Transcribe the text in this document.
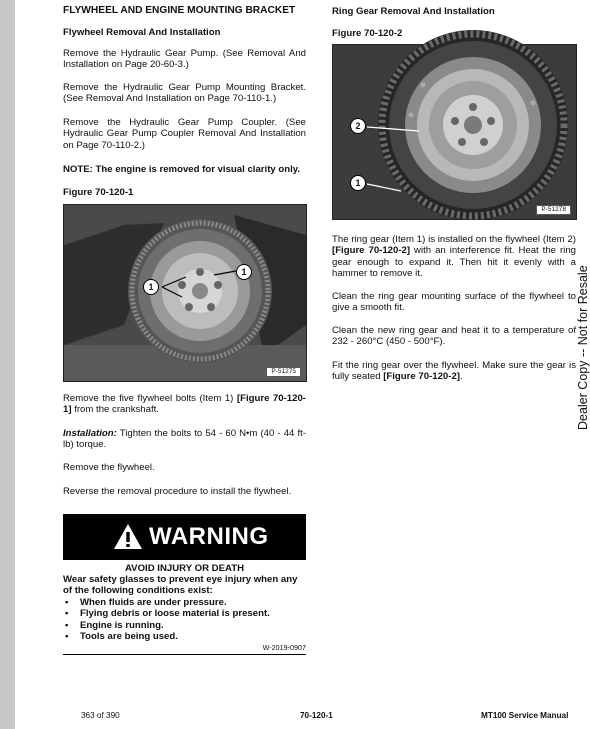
FLYWHEEL AND ENGINE MOUNTING BRACKET
Flywheel Removal And Installation

Remove the Hydraulic Gear Pump. (See Removal And Installation on Page 20-60-3.)

Remove the Hydraulic Gear Pump Mounting Bracket. (See Removal And Installation on Page 70-110-1.)

Remove the Hydraulic Gear Pump Coupler. (See Hydraulic Gear Pump Coupler Removal And Installation on Page 70-110-2.)

NOTE: The engine is removed for visual clarity only.

Figure 70-120-1
1
1
P-51275

Remove the five flywheel bolts (Item 1) [Figure 70-120-1] from the crankshaft.

Installation: Tighten the bolts to 54 - 60 N•m (40 - 44 ft-lb) torque.

Remove the flywheel.

Reverse the removal procedure to install the flywheel.

WARNING
AVOID INJURY OR DEATH
Wear safety glasses to prevent eye injury when any of the following conditions exist:
• When fluids are under pressure.
• Flying debris or loose material is present.
• Engine is running.
• Tools are being used.
W-2019-0907
Ring Gear Removal And Installation
Figure 70-120-2
2
1
P-51278

The ring gear (Item 1) is installed on the flywheel (Item 2) [Figure 70-120-2] with an interference fit. Heat the ring gear enough to expand it. Then hit it evenly with a hammer to remove it.

Clean the ring gear mounting surface of the flywheel to give a smooth fit.

Clean the new ring gear and heat it to a temperature of 232 - 260°C (450 - 500°F).

Fit the ring gear over the flywheel. Make sure the gear is fully seated [Figure 70-120-2].	Dealer Copy -- Not for Resale
363 of 390	70-120-1	MT100 Service Manual
